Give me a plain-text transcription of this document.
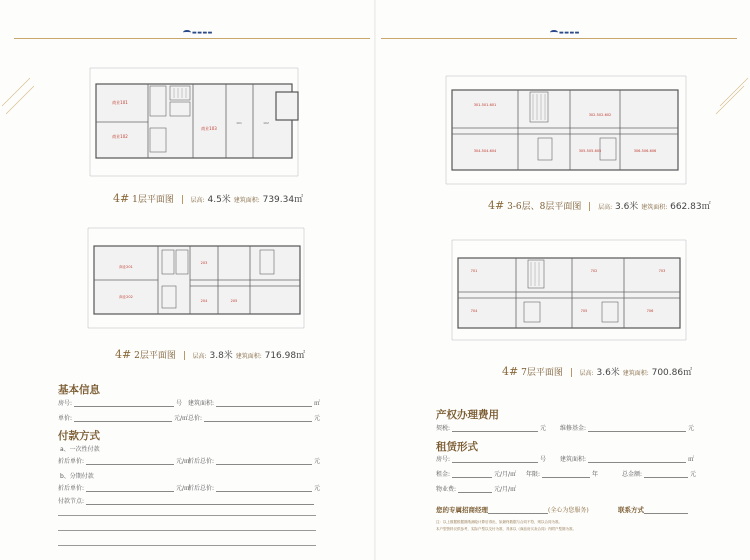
▬▬▬▬	▬▬▬▬
商业101
商业102
商业103
101	102
4# 1层平面图	层高: 4.5米 建筑面积: 739.34㎡
301-501-601
302-502-602
304-504-604	305-505-605	306-506-606
4# 3-6层、8层平面图	层高: 3.6米 建筑面积: 662.83㎡
商业201
商业202
203
204	205
4# 2层平面图	层高: 3.8米 建筑面积: 716.98㎡
701	702	703
704	705	706
4# 7层平面图	层高: 3.6米 建筑面积: 700.86㎡
基本信息
房号:	号 建筑面积:	㎡
单价:	元/㎡ 总价:	元
付款方式
a、一次性付款
折后单价:	元/㎡
折后总价:	元
b、分期付款
折后单价:	元/㎡
折后总价:	元
付款节点:
产权办理费用
契税:	元 维修基金:	元
租赁形式
房号:	号 建筑面积:	㎡
租金:	元/月/㎡ 年限:	年	总金额:	元
物业费:	元/月/㎡
您的专属招商经理	(全心为您服务)	联系方式
注：以上数据根据图纸测绘计算后得出，如最终数据与合同不符，则以合同为准。
本户型资料仅供参考，实际户型以交付为准，具体以《商品房买卖合同》内附户型图为准。
